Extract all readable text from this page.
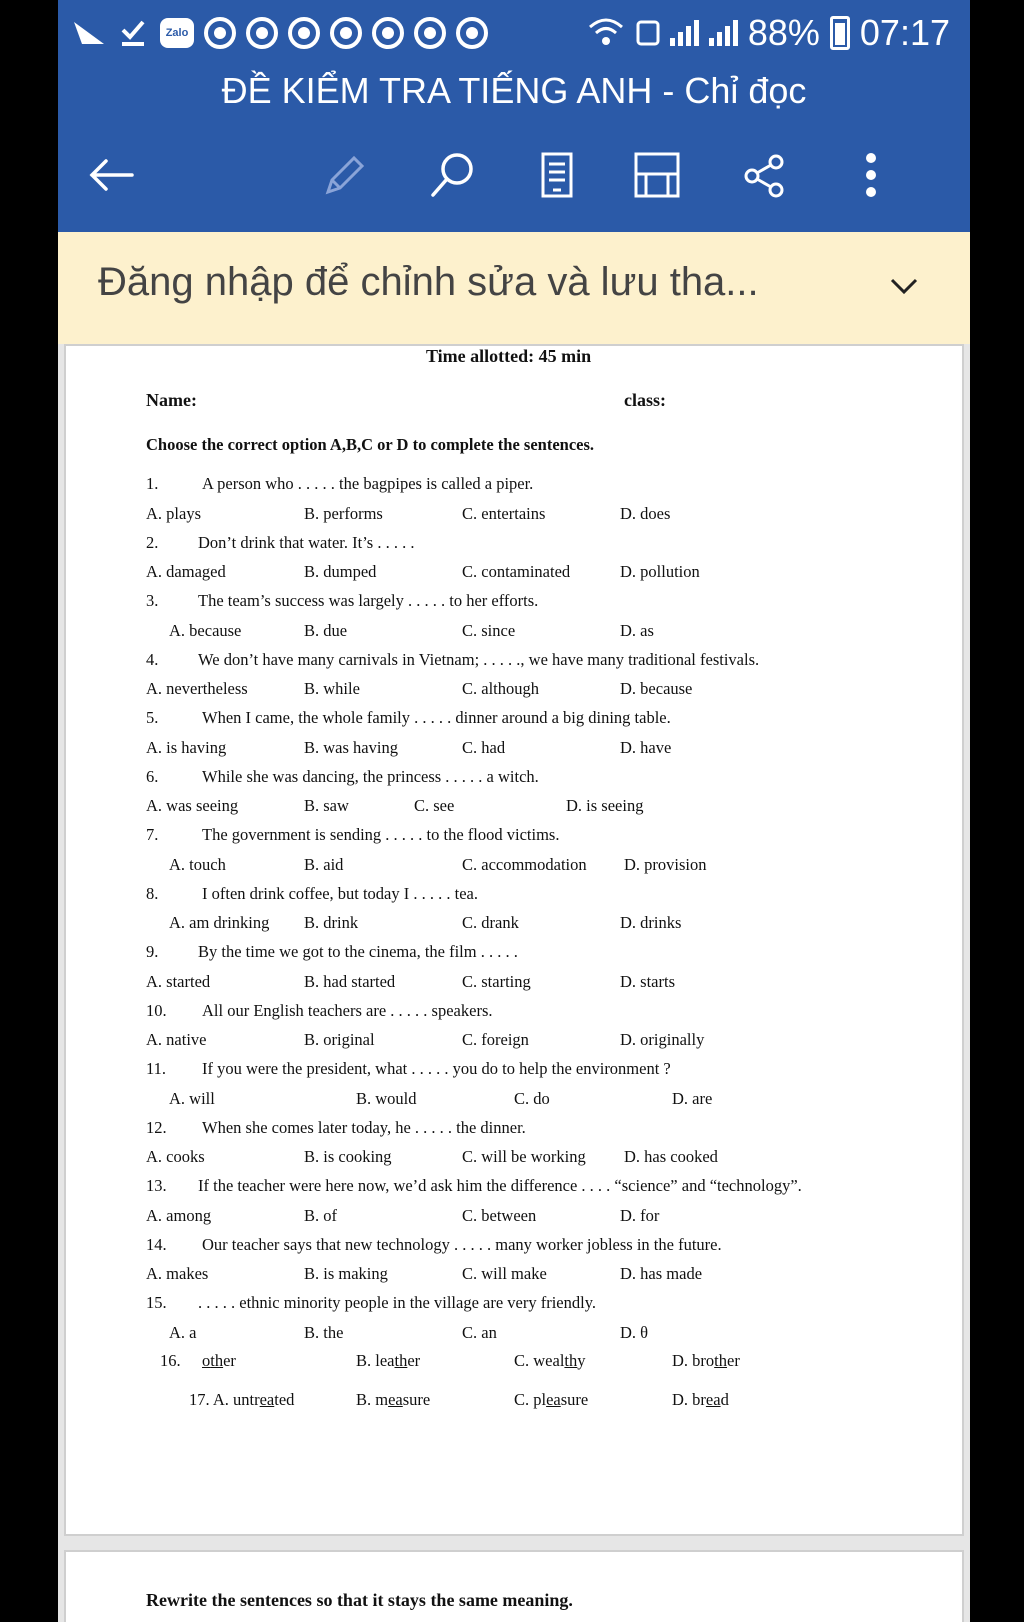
Zalo	88% 07:17
ĐỀ KIỂM TRA TIẾNG ANH - Chỉ đọc
Đăng nhập để chỉnh sửa và lưu tha...
Time allotted: 45 min
Name:	class:
Choose the correct option A,B,C or D to complete the sentences.
1.	A person who . . . . . the bagpipes is called a piper.
A. plays	B. performs	C. entertains	D. does
2. Don’t drink that water. It’s . . . . .
A. damaged	B. dumped	C. contaminated	D. pollution
3. The team’s success was largely . . . . . to her efforts.
A. because	B. due	C. since	D. as
4. We don’t have many carnivals in Vietnam; . . . . ., we have many traditional festivals.
A. nevertheless	B. while	C. although	D. because
5.	When I came, the whole family . . . . . dinner around a big dining table.
A. is having	B. was having	C. had	D. have
6.	While she was dancing, the princess . . . . . a witch.
A. was seeing	B. saw	C. see	D. is seeing
7.	The government is sending . . . . . to the flood victims.
A. touch	B. aid	C. accommodation D. provision
8.	I often drink coffee, but today I . . . . . tea.
A. am drinking B. drink	C. drank	D. drinks
9. By the time we got to the cinema, the film . . . . .
A. started	B. had started	C. starting	D. starts
10. All our English teachers are . . . . . speakers.
A. native	B. original	C. foreign	D. originally
11. If you were the president, what . . . . . you do to help the environment ?
A. will	B. would	C. do	D. are
12. When she comes later today, he . . . . . the dinner.
A. cooks	B. is cooking	C. will be working D. has cooked
13. If the teacher were here now, we’d ask him the difference . . . . “science” and “technology”.
A. among	B. of	C. between	D. for
14. Our teacher says that new technology . . . . . many worker jobless in the future.
A. makes	B. is making	C. will make	D. has made
15. . . . . . ethnic minority people in the village are very friendly.
A. a	B. the	C. an	D. θ
16. other	B. leather	C. wealthy	D. brother
17. A. untreated	B. measure	C. pleasure	D. bread
Rewrite the sentences so that it stays the same meaning.
